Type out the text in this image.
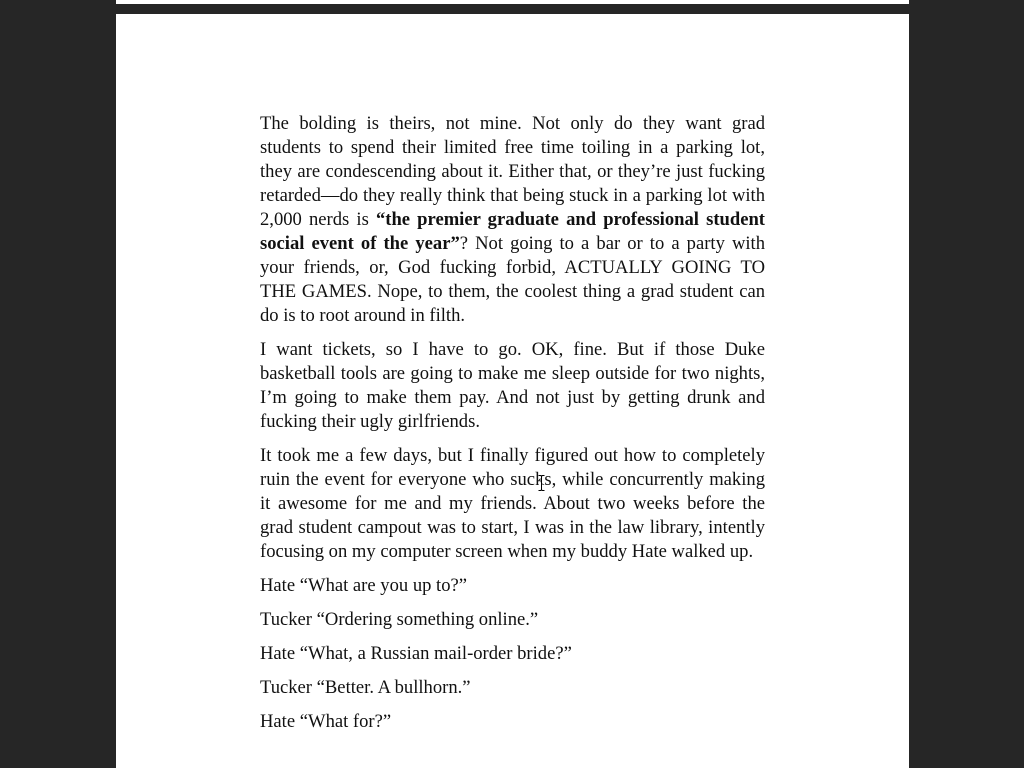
The bolding is theirs, not mine. Not only do they want grad students to spend their limited free time toiling in a parking lot, they are condescending about it. Either that, or they’re just fucking retarded—do they really think that being stuck in a parking lot with 2,000 nerds is “the premier graduate and professional student social event of the year”? Not going to a bar or to a party with your friends, or, God fucking forbid, ACTUALLY GOING TO THE GAMES. Nope, to them, the coolest thing a grad student can do is to root around in filth.

I want tickets, so I have to go. OK, fine. But if those Duke basketball tools are going to make me sleep outside for two nights, I’m going to make them pay. And not just by getting drunk and fucking their ugly girlfriends.

It took me a few days, but I finally figured out how to completely ruin the event for everyone who sucks, while concurrently making it awesome for me and my friends. About two weeks before the grad student campout was to start, I was in the law library, intently focusing on my computer screen when my buddy Hate walked up.

Hate “What are you up to?”

Tucker “Ordering something online.”

Hate “What, a Russian mail-order bride?”

Tucker “Better. A bullhorn.”

Hate “What for?”
